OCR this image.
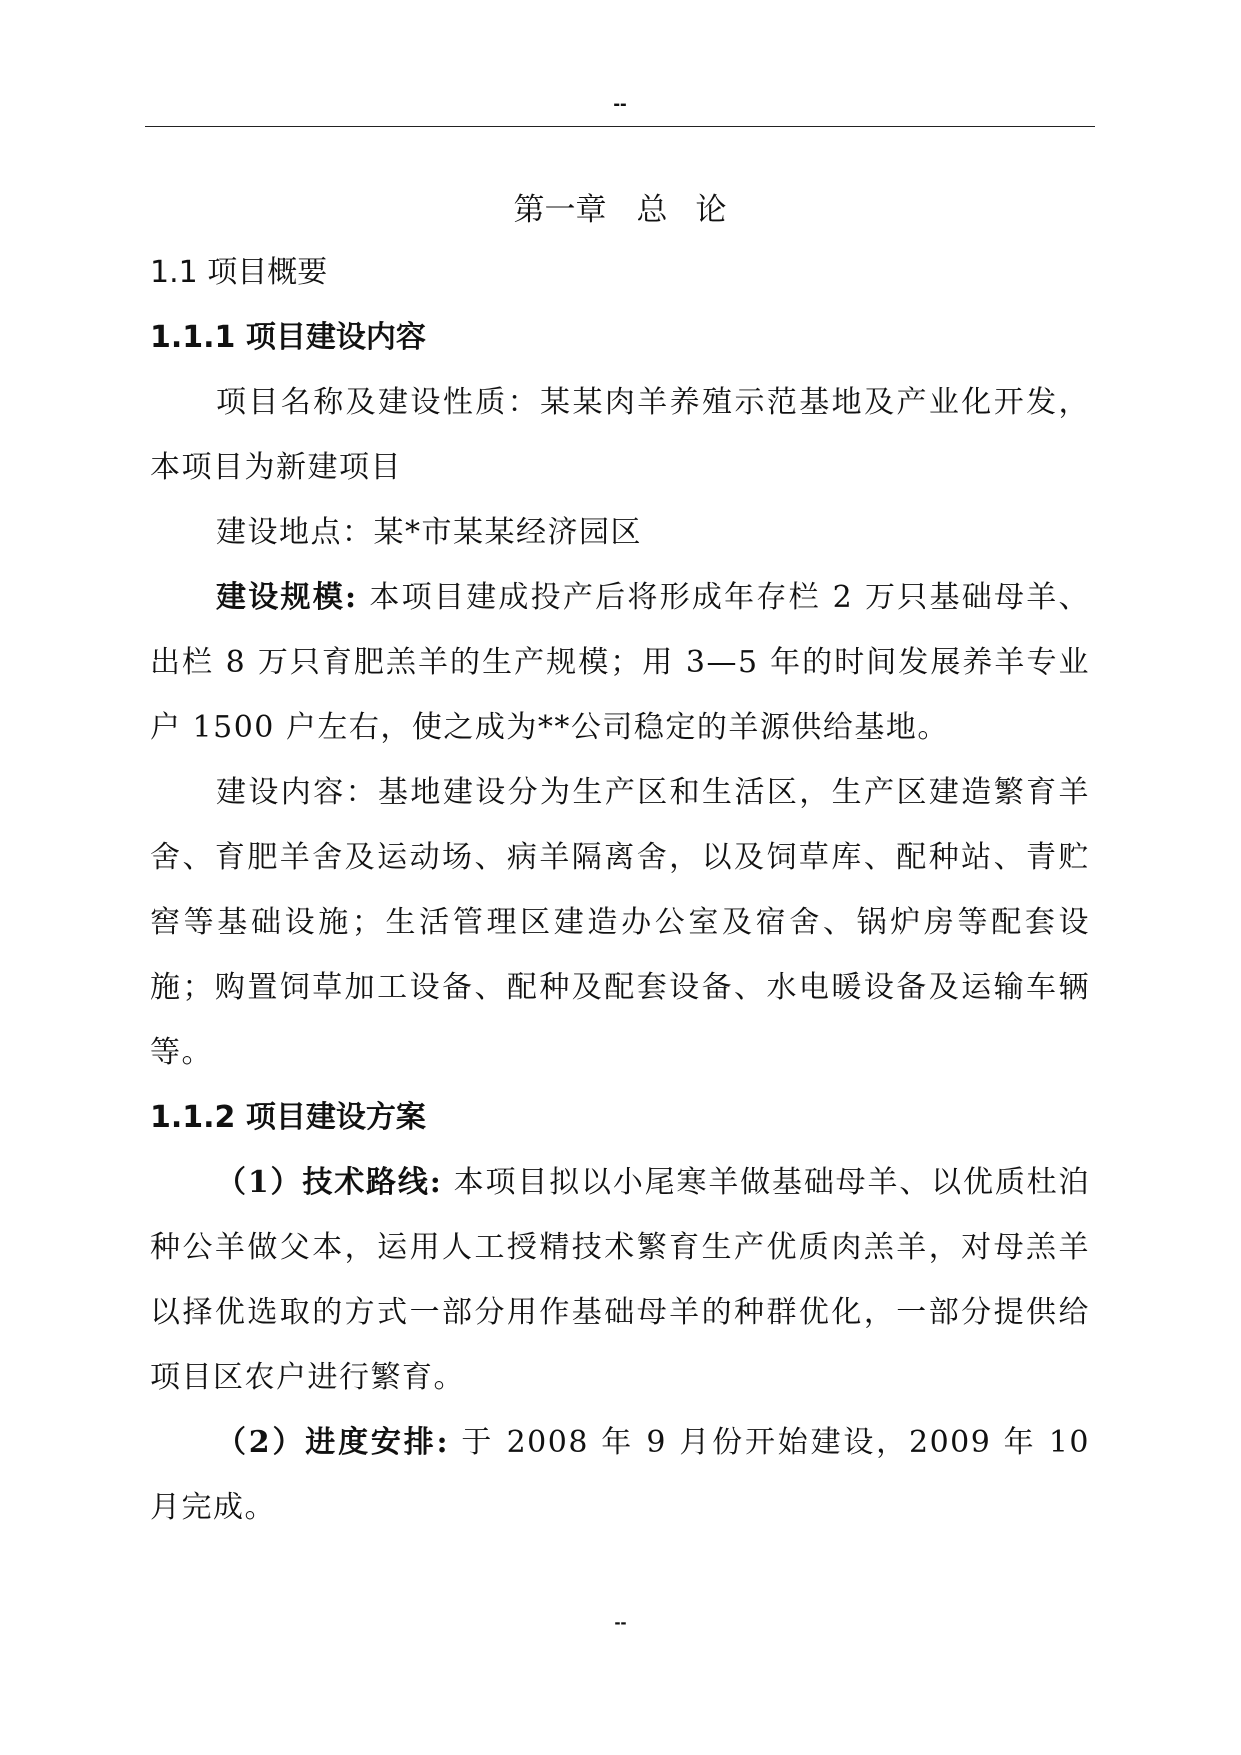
--
第一章 总 论
1.1 项目概要
1.1.1 项目建设内容

项目名称及建设性质：某某肉羊养殖示范基地及产业化开发，本项目为新建项目

建设地点：某*市某某经济园区

建设规模: 本项目建成投产后将形成年存栏 2 万只基础母羊、出栏 8 万只育肥羔羊的生产规模；用 3—5 年的时间发展养羊专业户 1500 户左右，使之成为**公司稳定的羊源供给基地。

建设内容：基地建设分为生产区和生活区，生产区建造繁育羊舍、育肥羊舍及运动场、病羊隔离舍，以及饲草库、配种站、青贮窖等基础设施；生活管理区建造办公室及宿舍、锅炉房等配套设施；购置饲草加工设备、配种及配套设备、水电暖设备及运输车辆等。

1.1.2 项目建设方案

（1）技术路线: 本项目拟以小尾寒羊做基础母羊、以优质杜泊种公羊做父本，运用人工授精技术繁育生产优质肉羔羊，对母羔羊以择优选取的方式一部分用作基础母羊的种群优化，一部分提供给项目区农户进行繁育。

（2）进度安排: 于 2008 年 9 月份开始建设，2009 年 10 月完成。

--
